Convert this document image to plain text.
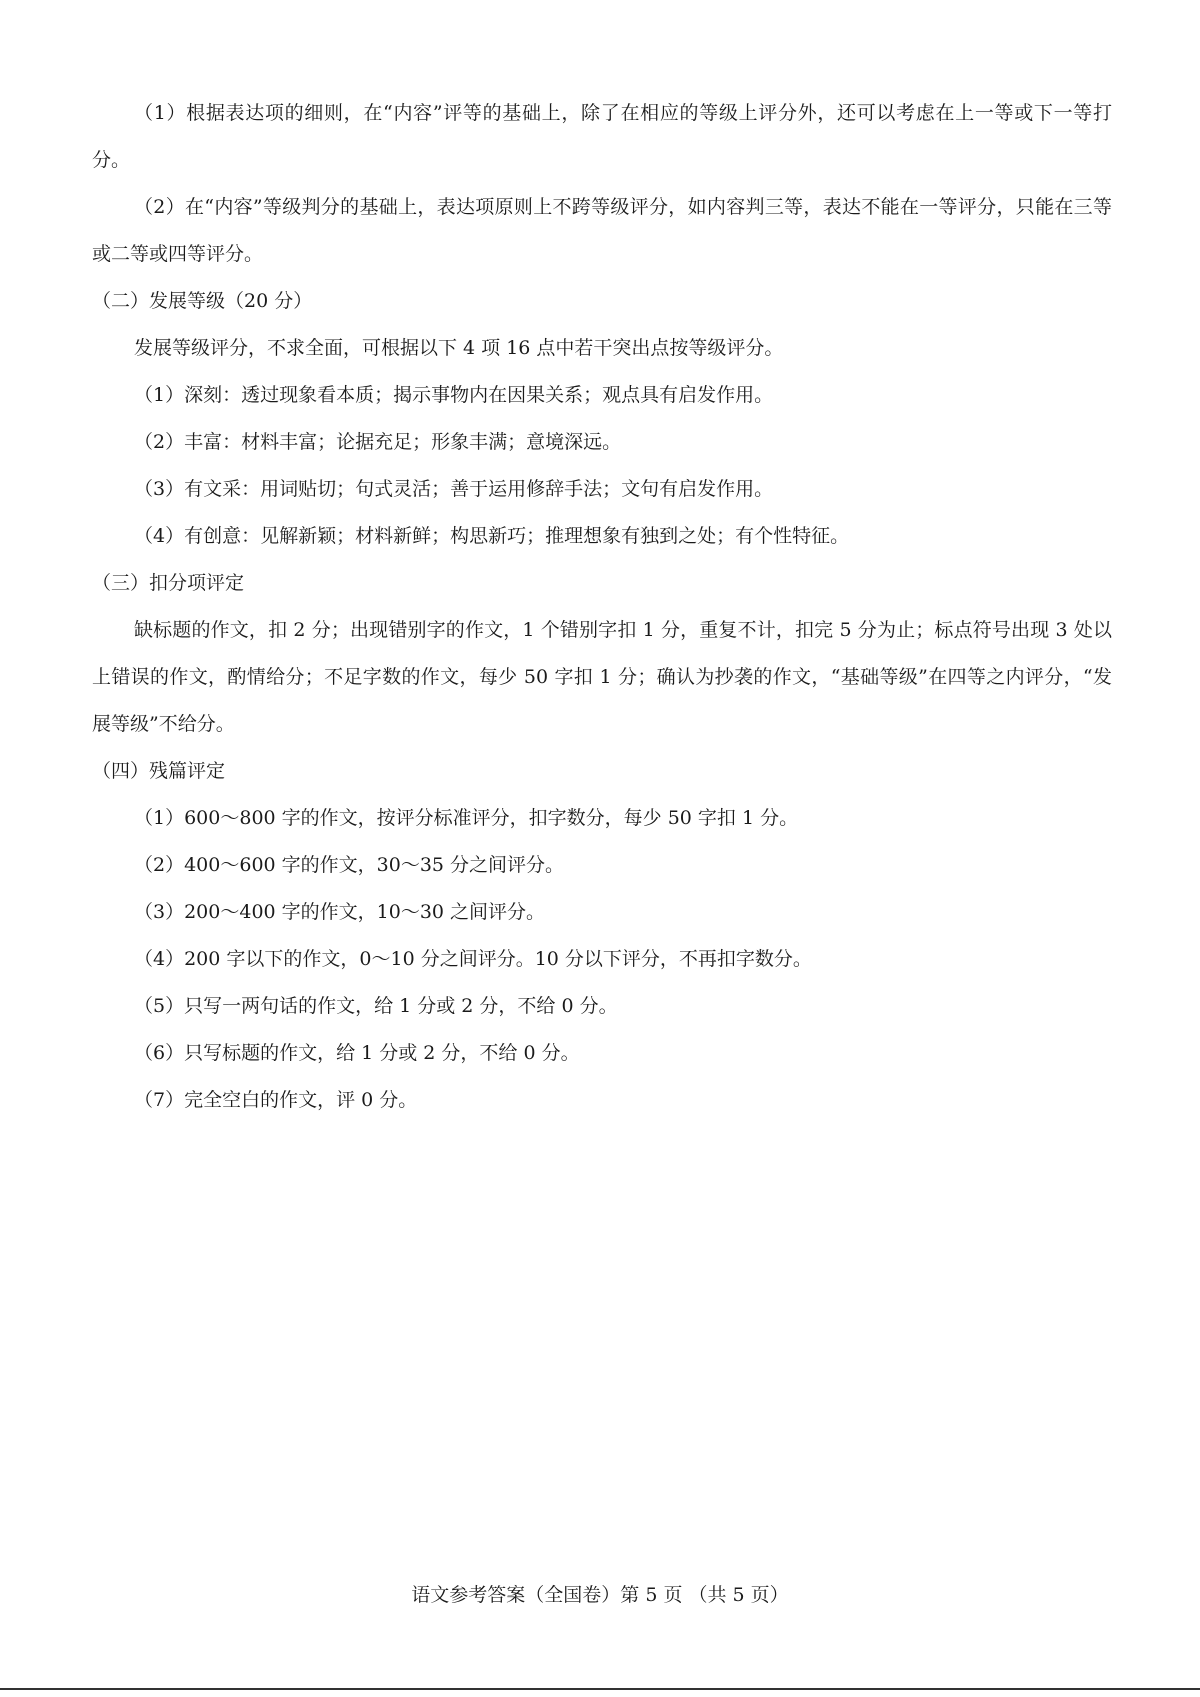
（1）根据表达项的细则，在“内容”评等的基础上，除了在相应的等级上评分外，还可以考虑在上一等或下一等打分。

（2）在“内容”等级判分的基础上，表达项原则上不跨等级评分，如内容判三等，表达不能在一等评分，只能在三等或二等或四等评分。

（二）发展等级（20 分）

发展等级评分，不求全面，可根据以下 4 项 16 点中若干突出点按等级评分。

（1）深刻：透过现象看本质；揭示事物内在因果关系；观点具有启发作用。

（2）丰富：材料丰富；论据充足；形象丰满；意境深远。

（3）有文采：用词贴切；句式灵活；善于运用修辞手法；文句有启发作用。

（4）有创意：见解新颖；材料新鲜；构思新巧；推理想象有独到之处；有个性特征。

（三）扣分项评定

缺标题的作文，扣 2 分；出现错别字的作文，1 个错别字扣 1 分，重复不计，扣完 5 分为止；标点符号出现 3 处以上错误的作文，酌情给分；不足字数的作文，每少 50 字扣 1 分；确认为抄袭的作文，“基础等级”在四等之内评分，“发展等级”不给分。

（四）残篇评定

（1）600～800 字的作文，按评分标准评分，扣字数分，每少 50 字扣 1 分。

（2）400～600 字的作文，30～35 分之间评分。

（3）200～400 字的作文，10～30 之间评分。

（4）200 字以下的作文，0～10 分之间评分。10 分以下评分，不再扣字数分。

（5）只写一两句话的作文，给 1 分或 2 分，不给 0 分。

（6）只写标题的作文，给 1 分或 2 分，不给 0 分。

（7）完全空白的作文，评 0 分。

语文参考答案（全国卷）第 5 页 （共 5 页）
